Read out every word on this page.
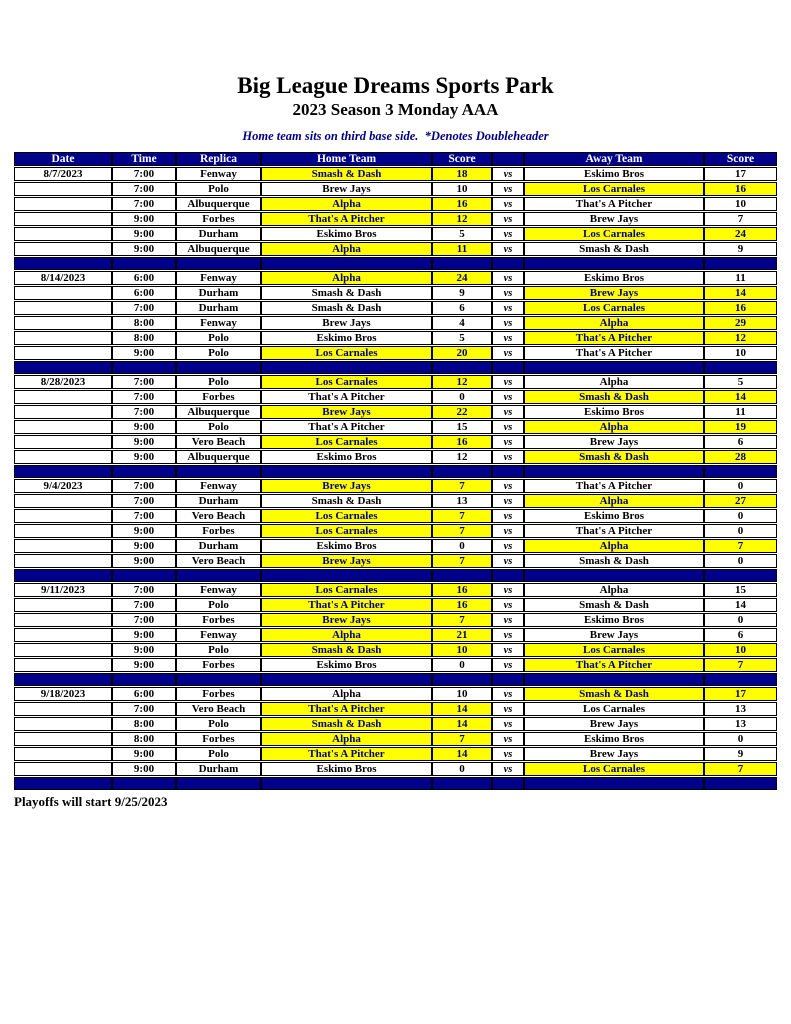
Big League Dreams Sports Park
2023 Season 3 Monday AAA
Home team sits on third base side.  *Denotes Doubleheader
Date	Time	Replica	Home Team	Score		Away Team	Score
8/7/2023	7:00	Fenway	Smash & Dash	18	vs	Eskimo Bros	17
	7:00	Polo	Brew Jays	10	vs	Los Carnales	16
	7:00	Albuquerque	Alpha	16	vs	That's A Pitcher	10
	9:00	Forbes	That's A Pitcher	12	vs	Brew Jays	7
	9:00	Durham	Eskimo Bros	5	vs	Los Carnales	24
	9:00	Albuquerque	Alpha	11	vs	Smash & Dash	9

8/14/2023	6:00	Fenway	Alpha	24	vs	Eskimo Bros	11
	6:00	Durham	Smash & Dash	9	vs	Brew Jays	14
	7:00	Durham	Smash & Dash	6	vs	Los Carnales	16
	8:00	Fenway	Brew Jays	4	vs	Alpha	29
	8:00	Polo	Eskimo Bros	5	vs	That's A Pitcher	12
	9:00	Polo	Los Carnales	20	vs	That's A Pitcher	10

8/28/2023	7:00	Polo	Los Carnales	12	vs	Alpha	5
	7:00	Forbes	That's A Pitcher	0	vs	Smash & Dash	14
	7:00	Albuquerque	Brew Jays	22	vs	Eskimo Bros	11
	9:00	Polo	That's A Pitcher	15	vs	Alpha	19
	9:00	Vero Beach	Los Carnales	16	vs	Brew Jays	6
	9:00	Albuquerque	Eskimo Bros	12	vs	Smash & Dash	28

9/4/2023	7:00	Fenway	Brew Jays	7	vs	That's A Pitcher	0
	7:00	Durham	Smash & Dash	13	vs	Alpha	27
	7:00	Vero Beach	Los Carnales	7	vs	Eskimo Bros	0
	9:00	Forbes	Los Carnales	7	vs	That's A Pitcher	0
	9:00	Durham	Eskimo Bros	0	vs	Alpha	7
	9:00	Vero Beach	Brew Jays	7	vs	Smash & Dash	0

9/11/2023	7:00	Fenway	Los Carnales	16	vs	Alpha	15
	7:00	Polo	That's A Pitcher	16	vs	Smash & Dash	14
	7:00	Forbes	Brew Jays	7	vs	Eskimo Bros	0
	9:00	Fenway	Alpha	21	vs	Brew Jays	6
	9:00	Polo	Smash & Dash	10	vs	Los Carnales	10
	9:00	Forbes	Eskimo Bros	0	vs	That's A Pitcher	7

9/18/2023	6:00	Forbes	Alpha	10	vs	Smash & Dash	17
	7:00	Vero Beach	That's A Pitcher	14	vs	Los Carnales	13
	8:00	Polo	Smash & Dash	14	vs	Brew Jays	13
	8:00	Forbes	Alpha	7	vs	Eskimo Bros	0
	9:00	Polo	That's A Pitcher	14	vs	Brew Jays	9
	9:00	Durham	Eskimo Bros	0	vs	Los Carnales	7

Playoffs will start 9/25/2023
